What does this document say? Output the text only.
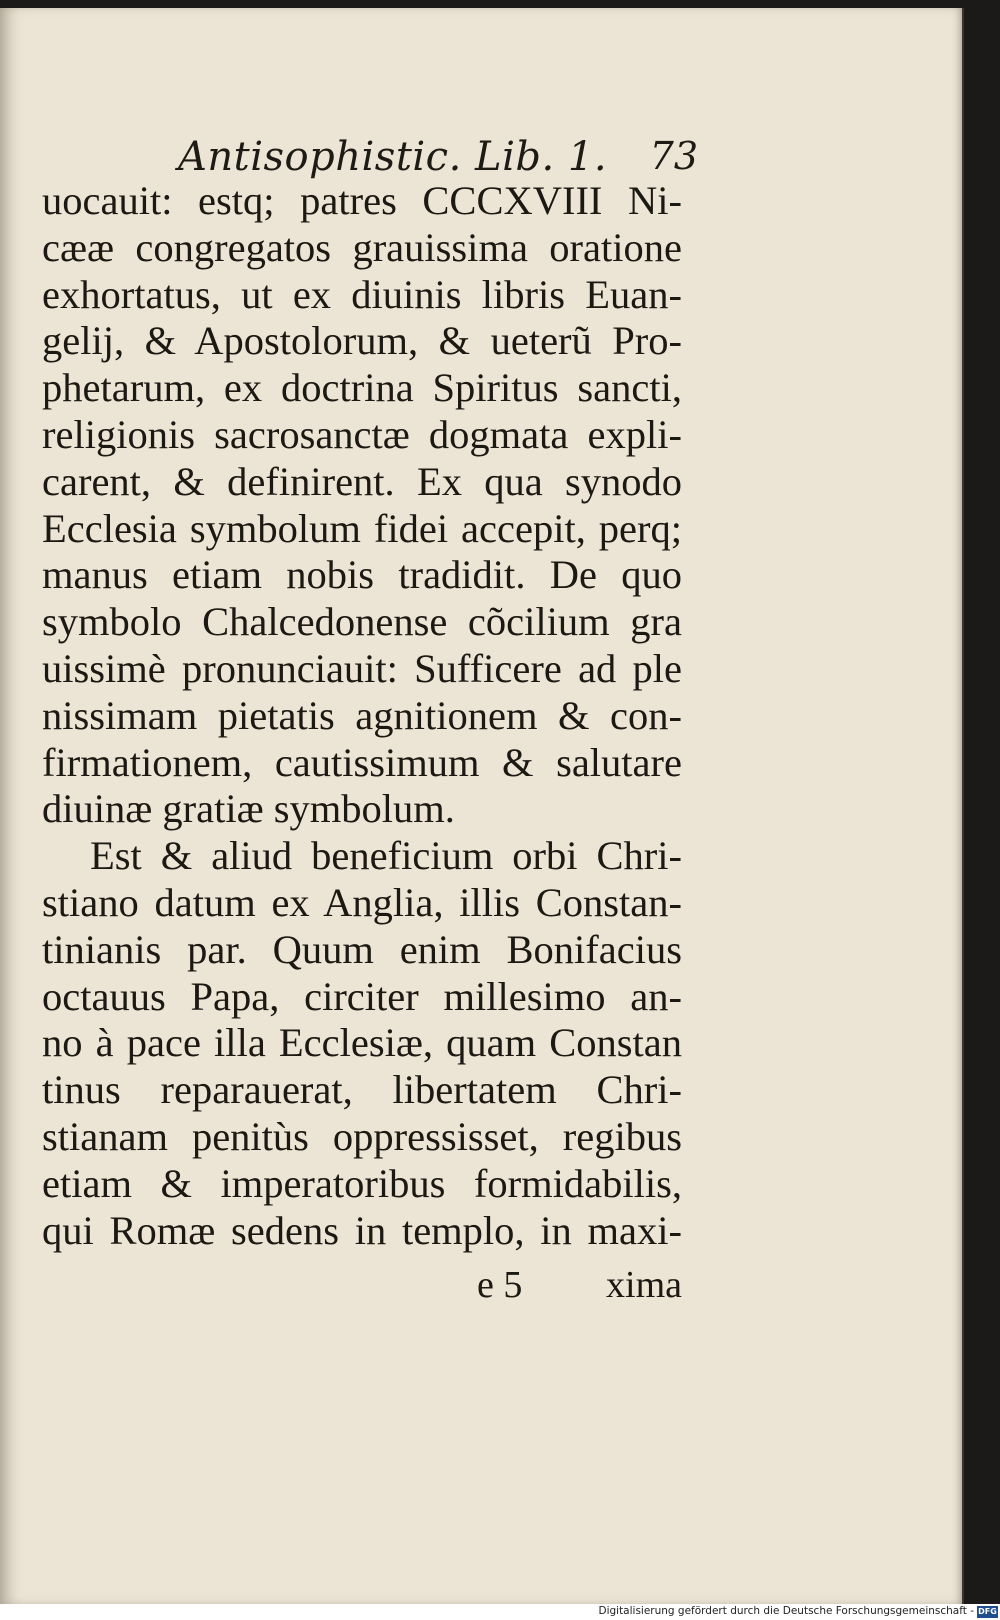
Antisophistic. Lib. 1. 73
uocauit: estq; patres CCCXVIII Ni-
cææ congregatos grauissima oratione
exhortatus, ut ex diuinis libris Euan-
gelij, & Apostolorum, & ueterũ Pro-
phetarum, ex doctrina Spiritus sancti,
religionis sacrosanctæ dogmata expli-
carent, & definirent. Ex qua synodo
Ecclesia symbolum fidei accepit, perq;
manus etiam nobis tradidit. De quo
symbolo Chalcedonense cõcilium gra
uissimè pronunciauit: Sufficere ad ple
nissimam pietatis agnitionem & con-
firmationem, cautissimum & salutare
diuinæ gratiæ symbolum.
Est & aliud beneficium orbi Chri-
stiano datum ex Anglia, illis Constan-
tinianis par. Quum enim Bonifacius
octauus Papa, circiter millesimo an-
no à pace illa Ecclesiæ, quam Constan
tinus reparauerat, libertatem Chri-
stianam penitùs oppressisset, regibus
etiam & imperatoribus formidabilis,
qui Romæ sedens in templo, in maxi-
e 5 xima
Digitalisierung gefördert durch die Deutsche Forschungsgemeinschaft - DFG
